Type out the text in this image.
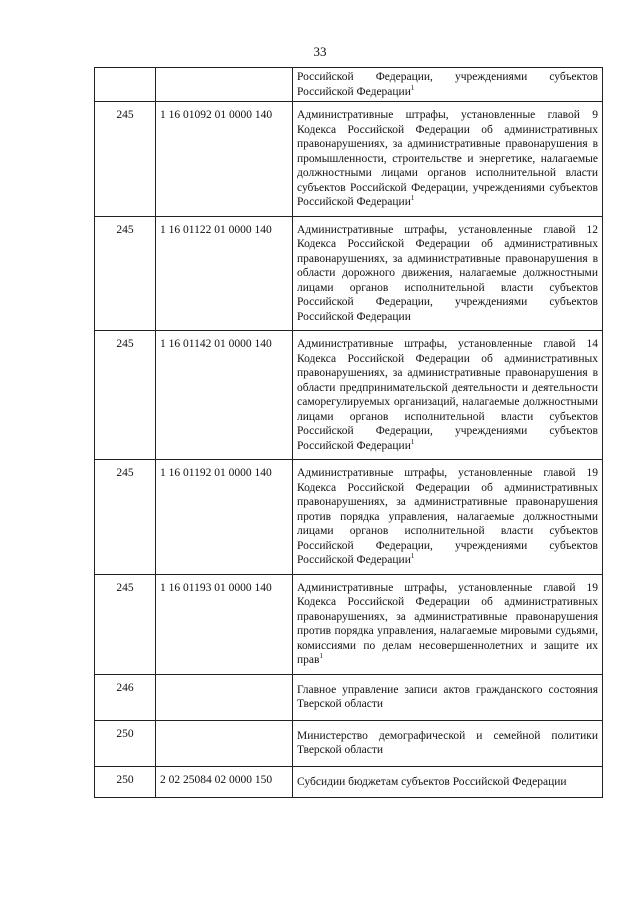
33
		Российской Федерации, учреждениями субъектов Российской Федерации$^1$
245	1 16 01092 01 0000 140	Административные штрафы, установленные главой 9 Кодекса Российской Федерации об административных правонарушениях, за административные правонарушения в промышленности, строительстве и энергетике, налагаемые должностными лицами органов исполнительной власти субъектов Российской Федерации, учреждениями субъектов Российской Федерации$^1$
245	1 16 01122 01 0000 140	Административные штрафы, установленные главой 12 Кодекса Российской Федерации об административных правонарушениях, за административные правонарушения в области дорожного движения, налагаемые должностными лицами органов исполнительной власти субъектов Российской Федерации, учреждениями субъектов Российской Федерации
245	1 16 01142 01 0000 140	Административные штрафы, установленные главой 14 Кодекса Российской Федерации об административных правонарушениях, за административные правонарушения в области предпринимательской деятельности и деятельности саморегулируемых организаций, налагаемые должностными лицами органов исполнительной власти субъектов Российской Федерации, учреждениями субъектов Российской Федерации$^1$
245	1 16 01192 01 0000 140	Административные штрафы, установленные главой 19 Кодекса Российской Федерации об административных правонарушениях, за административные правонарушения против порядка управления, налагаемые должностными лицами органов исполнительной власти субъектов Российской Федерации, учреждениями субъектов Российской Федерации$^1$
245	1 16 01193 01 0000 140	Административные штрафы, установленные главой 19 Кодекса Российской Федерации об административных правонарушениях, за административные правонарушения против порядка управления, налагаемые мировыми судьями, комиссиями по делам несовершеннолетних и защите их прав$^1$
246		Главное управление записи актов гражданского состояния Тверской области
250		Министерство демографической и семейной политики Тверской области
250	2 02 25084 02 0000 150	Субсидии бюджетам субъектов Российской Федерации
